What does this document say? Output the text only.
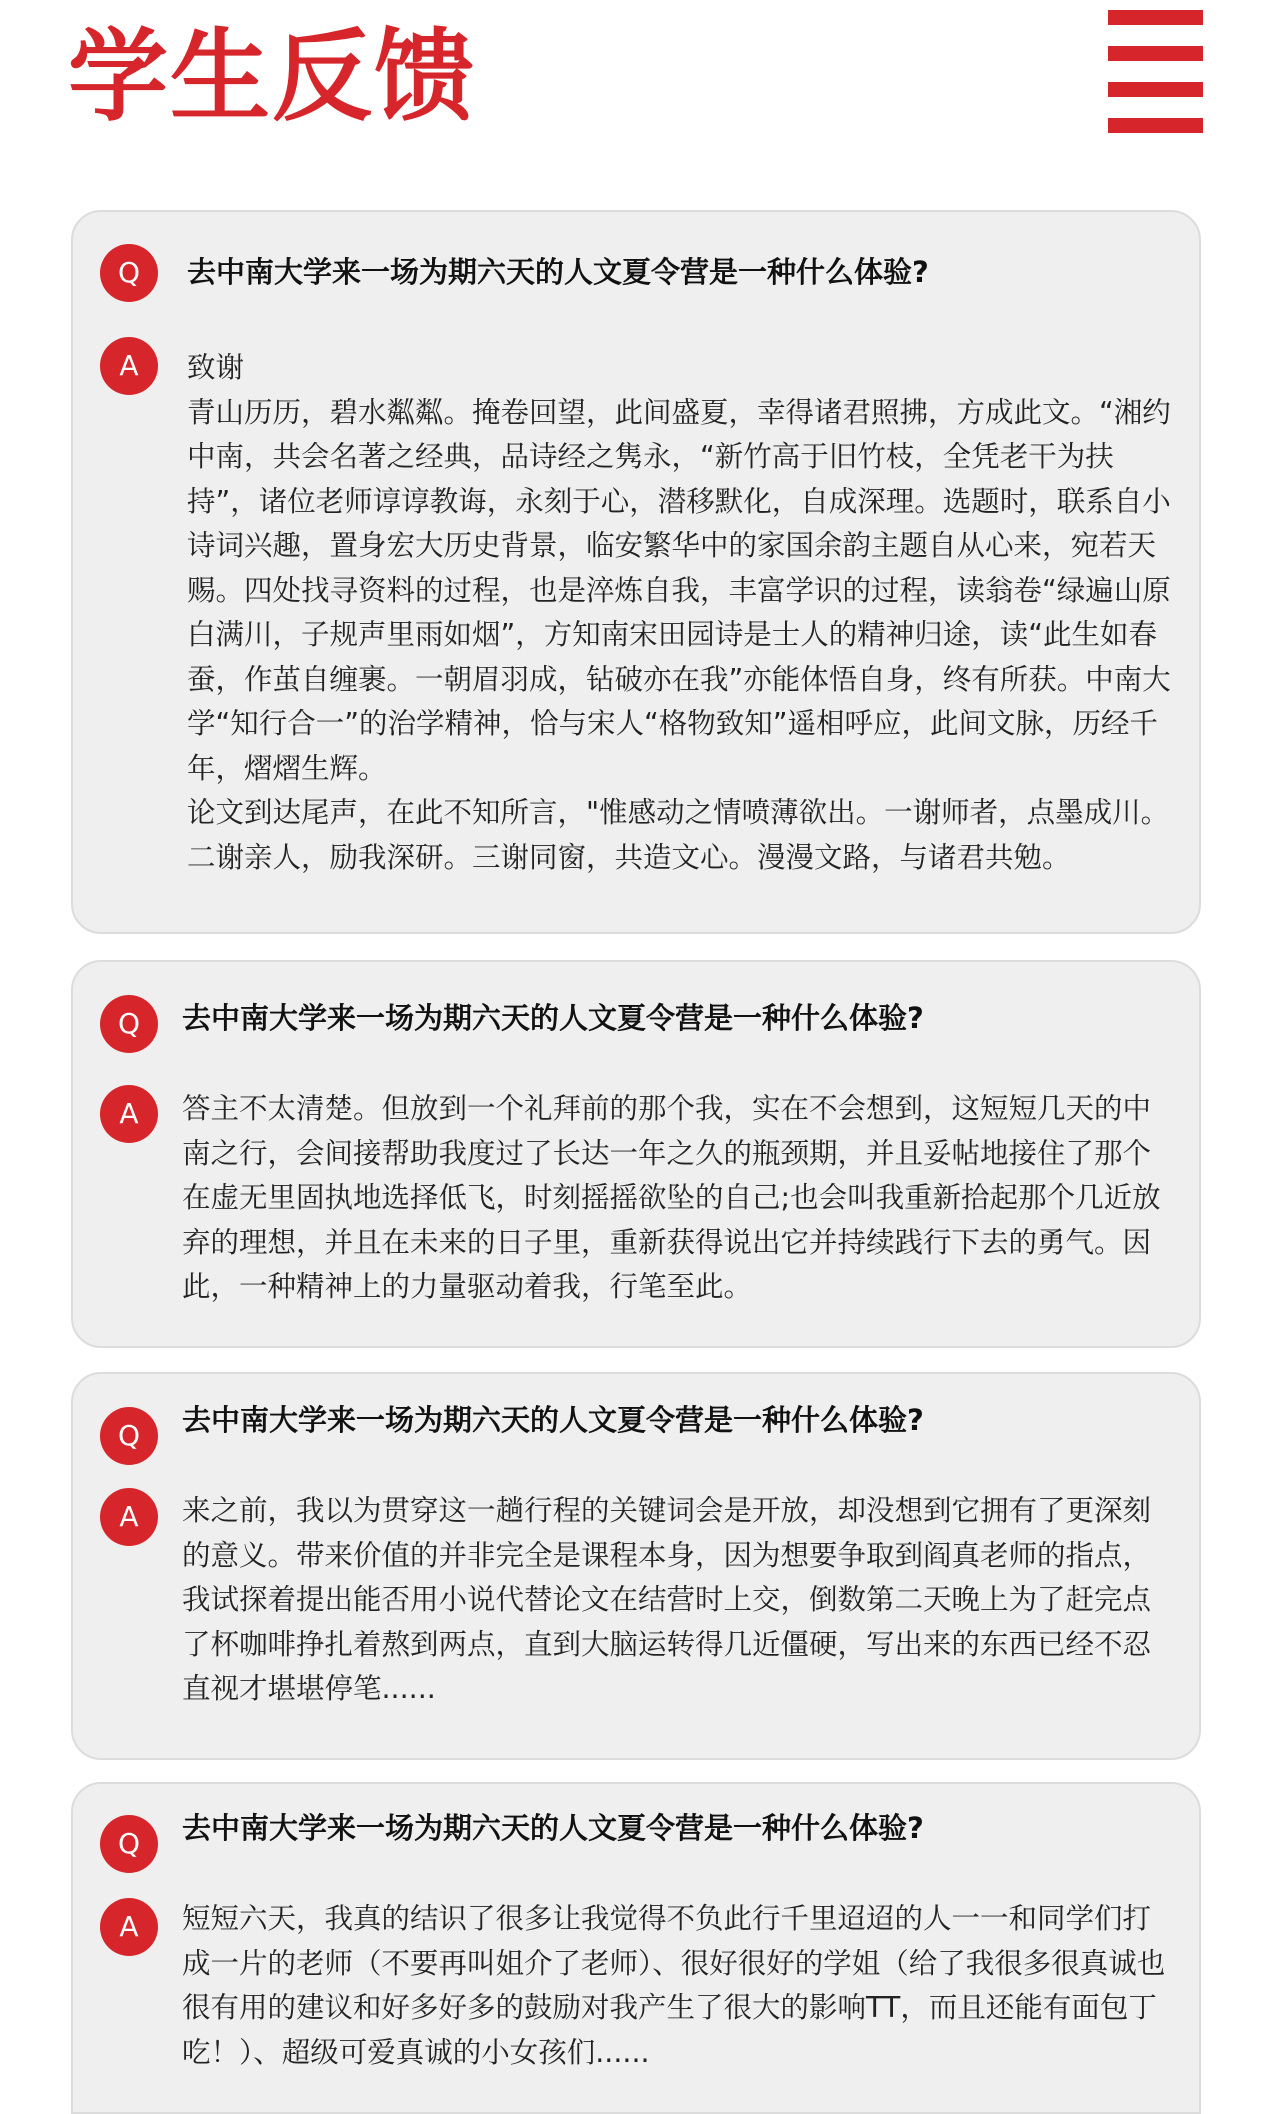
学生反馈
Q	去中南大学来一场为期六天的人文夏令营是一种什么体验?
A	致谢

青山历历，碧水粼粼。掩卷回望，此间盛夏，幸得诸君照拂，方成此文。“湘约中南，共会名著之经典，品诗经之隽永，“新竹高于旧竹枝，全凭老干为扶持”，诸位老师谆谆教诲，永刻于心，潜移默化，自成深理。选题时，联系自小诗词兴趣，置身宏大历史背景，临安繁华中的家国余韵主题自从心来，宛若天赐。四处找寻资料的过程，也是淬炼自我，丰富学识的过程，读翁卷“绿遍山原白满川，子规声里雨如烟”，方知南宋田园诗是士人的精神归途，读“此生如春蚕，作茧自缠裹。一朝眉羽成，钻破亦在我”亦能体悟自身，终有所获。中南大学“知行合一”的治学精神，恰与宋人“格物致知”遥相呼应，此间文脉，历经千年，熠熠生辉。

论文到达尾声，在此不知所言，"惟感动之情喷薄欲出。一谢师者，点墨成川。二谢亲人，励我深研。三谢同窗，共造文心。漫漫文路，与诸君共勉。

Q	去中南大学来一场为期六天的人文夏令营是一种什么体验?
A	答主不太清楚。但放到一个礼拜前的那个我，实在不会想到，这短短几天的中南之行，会间接帮助我度过了长达一年之久的瓶颈期，并且妥帖地接住了那个在虚无里固执地选择低飞，时刻摇摇欲坠的自己;也会叫我重新拾起那个几近放弃的理想，并且在未来的日子里，重新获得说出它并持续践行下去的勇气。因此，一种精神上的力量驱动着我，行笔至此。

Q	去中南大学来一场为期六天的人文夏令营是一种什么体验?
A	来之前，我以为贯穿这一趟行程的关键词会是开放，却没想到它拥有了更深刻的意义。带来价值的并非完全是课程本身，因为想要争取到阎真老师的指点，我试探着提出能否用小说代替论文在结营时上交，倒数第二天晚上为了赶完点了杯咖啡挣扎着熬到两点，直到大脑运转得几近僵硬，写出来的东西已经不忍直视才堪堪停笔......

Q	去中南大学来一场为期六天的人文夏令营是一种什么体验?
A	短短六天，我真的结识了很多让我觉得不负此行千里迢迢的人一一和同学们打成一片的老师（不要再叫姐介了老师）、很好很好的学姐（给了我很多很真诚也很有用的建议和好多好多的鼓励对我产生了很大的影响TT，而且还能有面包丁吃！）、超级可爱真诚的小女孩们......
